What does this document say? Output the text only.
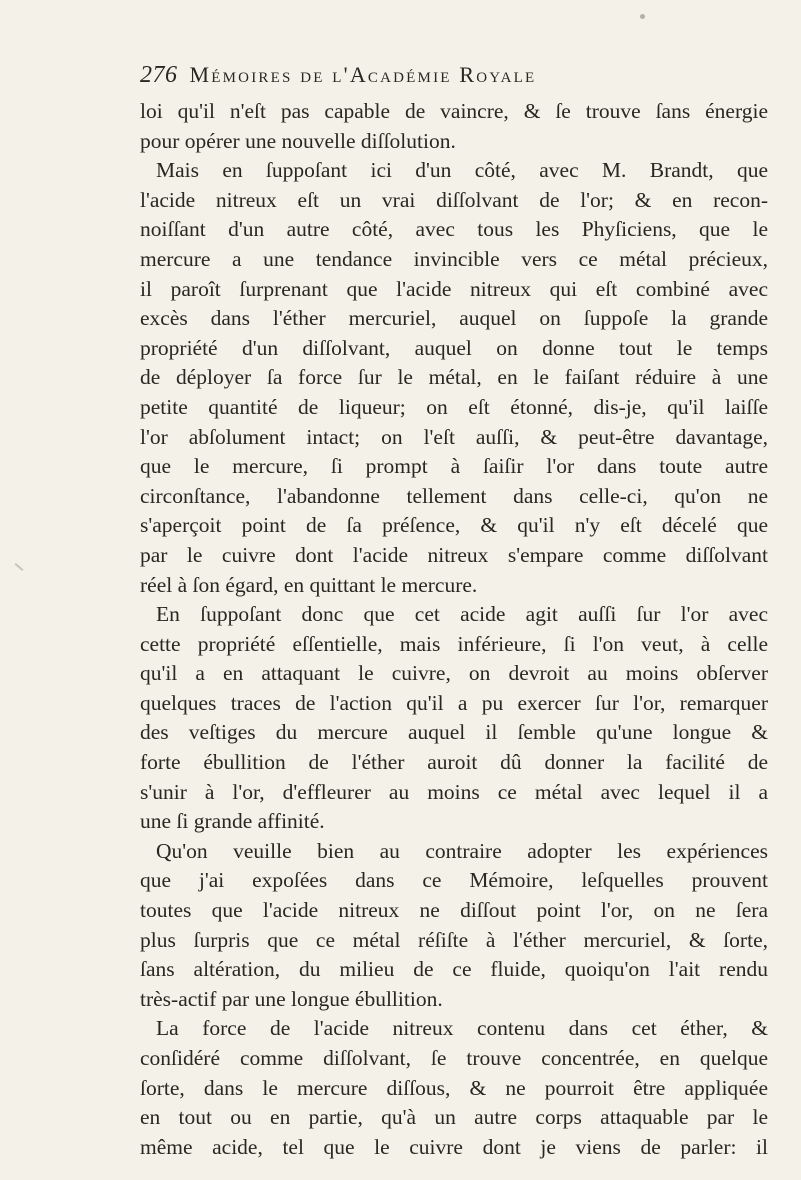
276 Mémoires de l'Académie Royale
loi qu'il n'eſt pas capable de vaincre, & ſe trouve ſans énergie
pour opérer une nouvelle diſſolution.
Mais en ſuppoſant ici d'un côté, avec M. Brandt, que
l'acide nitreux eſt un vrai diſſolvant de l'or; & en recon-
noiſſant d'un autre côté, avec tous les Phyſiciens, que le
mercure a une tendance invincible vers ce métal précieux,
il paroît ſurprenant que l'acide nitreux qui eſt combiné avec
excès dans l'éther mercuriel, auquel on ſuppoſe la grande
propriété d'un diſſolvant, auquel on donne tout le temps
de déployer ſa force ſur le métal, en le faiſant réduire à une
petite quantité de liqueur; on eſt étonné, dis-je, qu'il laiſſe
l'or abſolument intact; on l'eſt auſſi, & peut-être davantage,
que le mercure, ſi prompt à ſaiſir l'or dans toute autre
circonſtance, l'abandonne tellement dans celle-ci, qu'on ne
s'aperçoit point de ſa préſence, & qu'il n'y eſt décelé que
par le cuivre dont l'acide nitreux s'empare comme diſſolvant
réel à ſon égard, en quittant le mercure.
En ſuppoſant donc que cet acide agit auſſi ſur l'or avec
cette propriété eſſentielle, mais inférieure, ſi l'on veut, à celle
qu'il a en attaquant le cuivre, on devroit au moins obſerver
quelques traces de l'action qu'il a pu exercer ſur l'or, remarquer
des veſtiges du mercure auquel il ſemble qu'une longue &
forte ébullition de l'éther auroit dû donner la facilité de
s'unir à l'or, d'effleurer au moins ce métal avec lequel il a
une ſi grande affinité.
Qu'on veuille bien au contraire adopter les expériences
que j'ai expoſées dans ce Mémoire, leſquelles prouvent
toutes que l'acide nitreux ne diſſout point l'or, on ne ſera
plus ſurpris que ce métal réſiſte à l'éther mercuriel, & ſorte,
ſans altération, du milieu de ce fluide, quoiqu'on l'ait rendu
très-actif par une longue ébullition.
La force de l'acide nitreux contenu dans cet éther, &
conſidéré comme diſſolvant, ſe trouve concentrée, en quelque
ſorte, dans le mercure diſſous, & ne pourroit être appliquée
en tout ou en partie, qu'à un autre corps attaquable par le
même acide, tel que le cuivre dont je viens de parler: il
